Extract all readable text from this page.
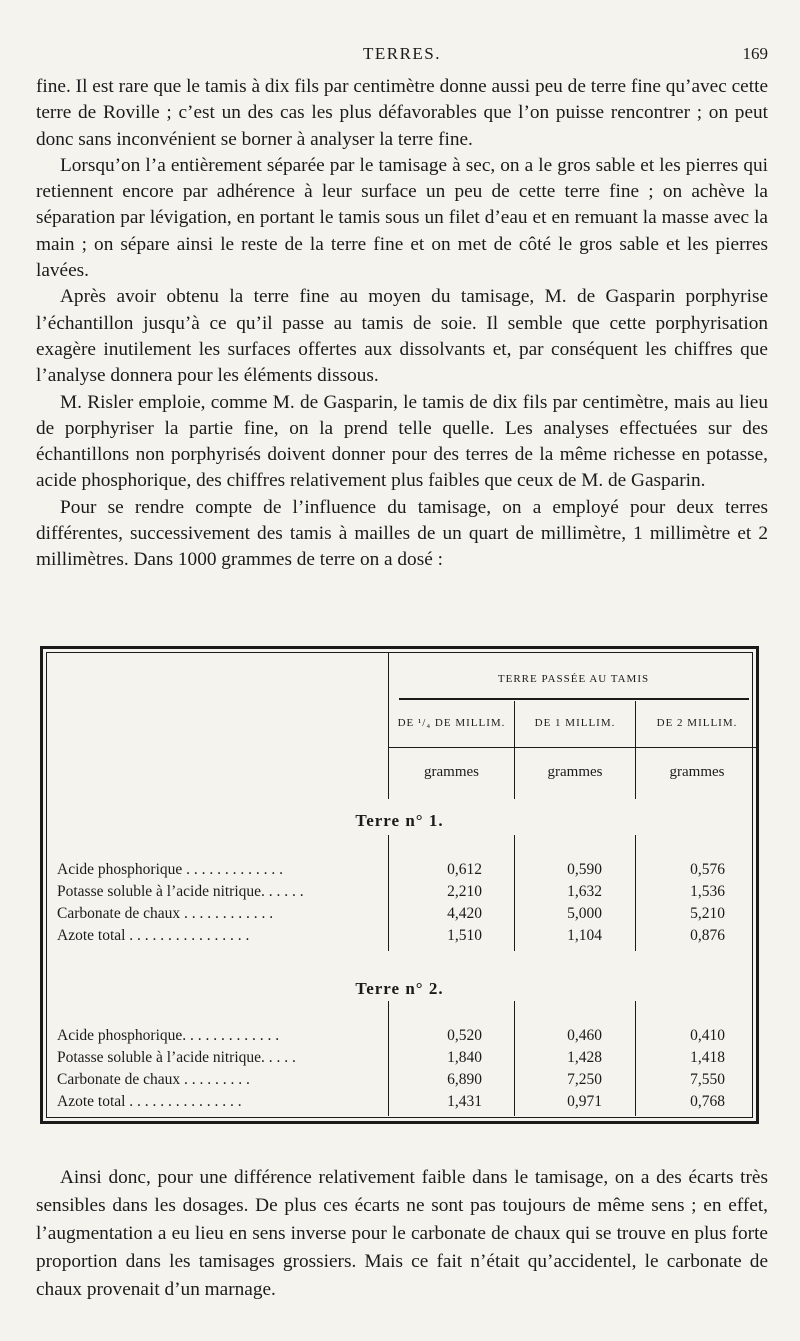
TERRES.	169

fine. Il est rare que le tamis à dix fils par centimètre donne aussi peu de terre fine qu’avec cette terre de Roville ; c’est un des cas les plus défavorables que l’on puisse rencontrer ; on peut donc sans inconvénient se borner à analyser la terre fine.

Lorsqu’on l’a entièrement séparée par le tamisage à sec, on a le gros sable et les pierres qui retiennent encore par adhérence à leur surface un peu de cette terre fine ; on achève la séparation par lévigation, en portant le tamis sous un filet d’eau et en remuant la masse avec la main ; on sépare ainsi le reste de la terre fine et on met de côté le gros sable et les pierres lavées.

Après avoir obtenu la terre fine au moyen du tamisage, M. de Gasparin porphyrise l’échantillon jusqu’à ce qu’il passe au tamis de soie. Il semble que cette porphyrisation exagère inutilement les surfaces offertes aux dissolvants et, par conséquent les chiffres que l’analyse donnera pour les éléments dissous.

M. Risler emploie, comme M. de Gasparin, le tamis de dix fils par centimètre, mais au lieu de porphyriser la partie fine, on la prend telle quelle. Les analyses effectuées sur des échantillons non porphyrisés doivent donner pour des terres de la même richesse en potasse, acide phosphorique, des chiffres relativement plus faibles que ceux de M. de Gasparin.

Pour se rendre compte de l’influence du tamisage, on a employé pour deux terres différentes, successivement des tamis à mailles de un quart de millimètre, 1 millimètre et 2 millimètres. Dans 1000 grammes de terre on a dosé :

TERRE PASSÉE AU TAMIS
DE ¹/₄ DE MILLIM.	DE 1 MILLIM.	DE 2 MILLIM.
grammes	grammes	grammes
Terre n° 1.
Acide phosphorique . . . . . . . . . . . . .	0,612	0,590	0,576
Potasse soluble à l’acide nitrique. . . . . .	2,210	1,632	1,536
Carbonate de chaux . . . . . . . . . . . .	4,420	5,000	5,210
Azote total . . . . . . . . . . . . . . . .	1,510	1,104	0,876
Terre n° 2.
Acide phosphorique. . . . . . . . . . . . .	0,520	0,460	0,410
Potasse soluble à l’acide nitrique. . . . .	1,840	1,428	1,418
Carbonate de chaux . . . . . . . . .	6,890	7,250	7,550
Azote total . . . . . . . . . . . . . . .	1,431	0,971	0,768

Ainsi donc, pour une différence relativement faible dans le tamisage, on a des écarts très sensibles dans les dosages. De plus ces écarts ne sont pas toujours de même sens ; en effet, l’augmentation a eu lieu en sens inverse pour le carbonate de chaux qui se trouve en plus forte proportion dans les tamisages grossiers. Mais ce fait n’était qu’accidentel, le carbonate de chaux provenait d’un marnage.
